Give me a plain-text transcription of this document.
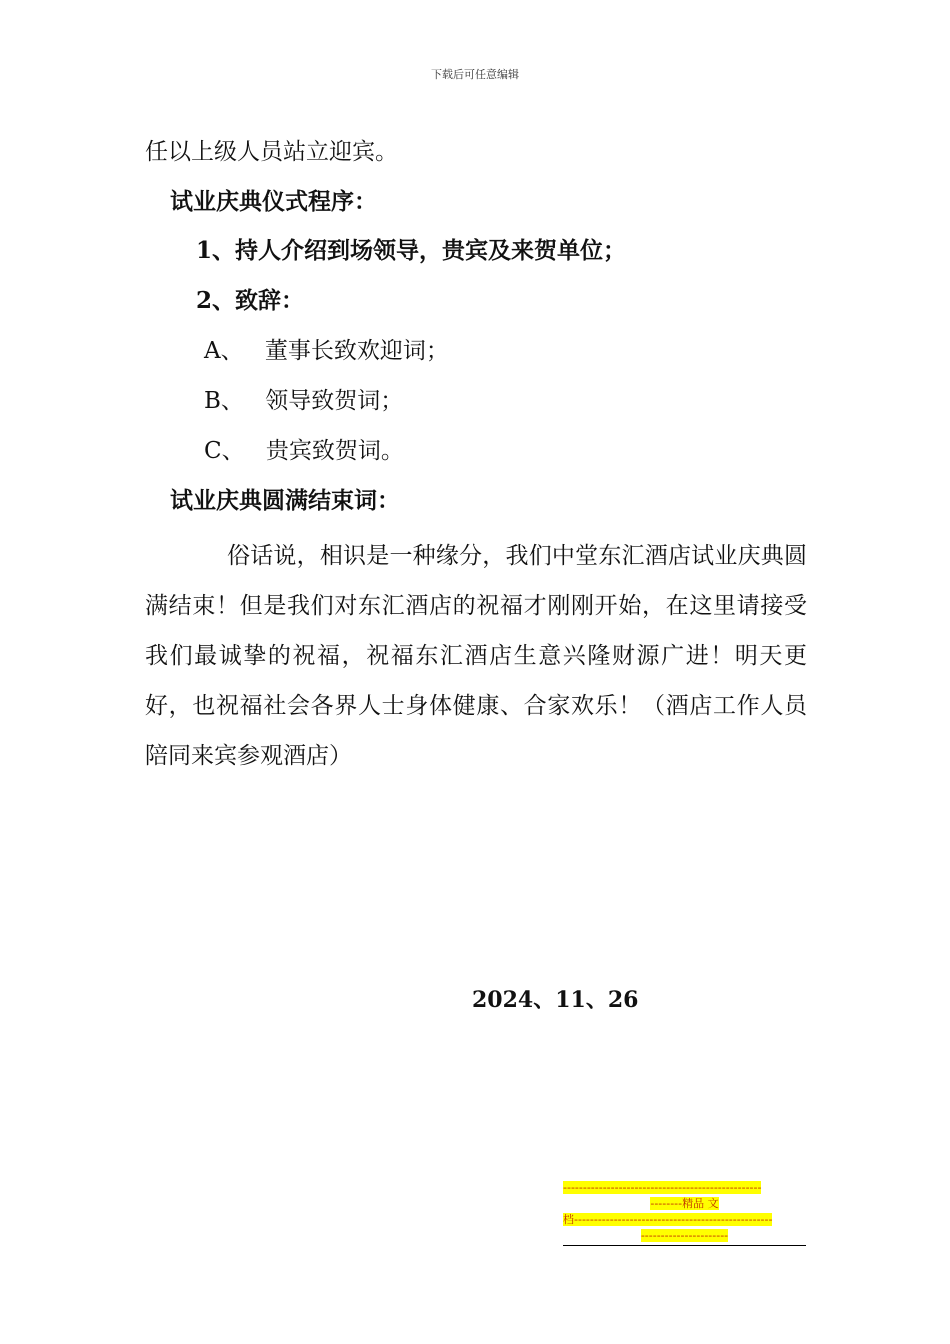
下载后可任意编辑
任以上级人员站立迎宾。
试业庆典仪式程序：
1、持人介绍到场领导，贵宾及来贺单位；
2、致辞：
A、 董事长致欢迎词；
B、 领导致贺词；
C、 贵宾致贺词。
试业庆典圆满结束词：
俗话说，相识是一种缘分，我们中堂东汇酒店试业庆典圆满结束！但是我们对东汇酒店的祝福才刚刚开始，在这里请接受我们最诚挚的祝福，祝福东汇酒店生意兴隆财源广进！明天更好，也祝福社会各界人士身体健康、合家欢乐！（酒店工作人员陪同来宾参观酒店）
2024、11、26
--------------------------------------------------
--------精品 文
档--------------------------------------------------
----------------------
